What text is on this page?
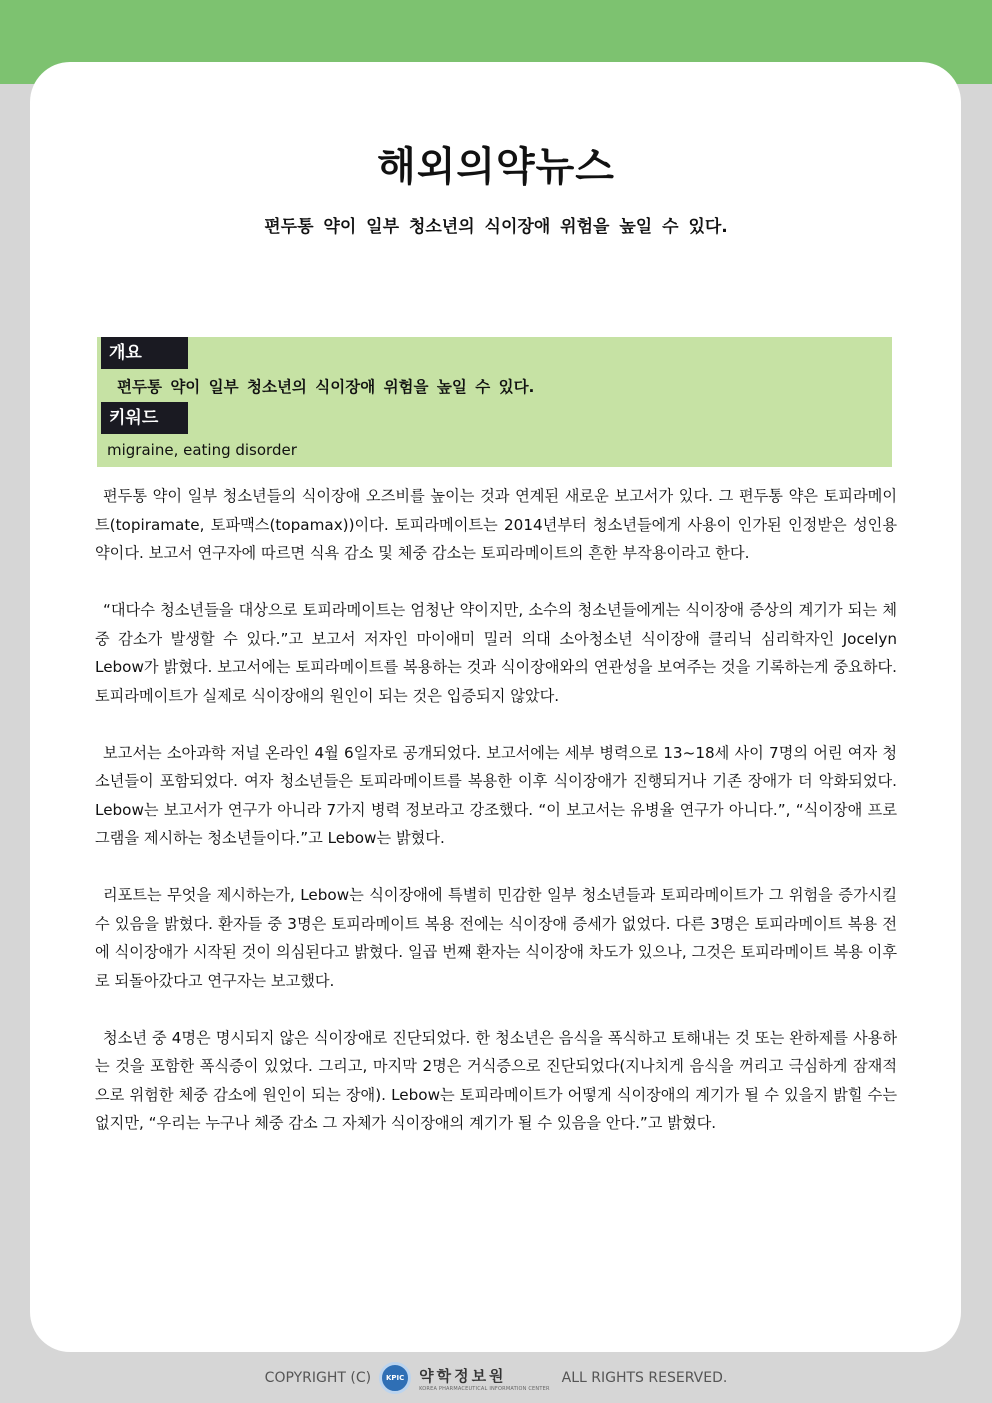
해외의약뉴스

편두통 약이 일부 청소년의 식이장애 위험을 높일 수 있다.

개요
편두통 약이 일부 청소년의 식이장애 위험을 높일 수 있다.
키워드
migraine, eating disorder

편두통 약이 일부 청소년들의 식이장애 오즈비를 높이는 것과 연계된 새로운 보고서가 있다. 그 편두통 약은 토피라메이트(topiramate, 토파맥스(topamax))이다. 토피라메이트는 2014년부터 청소년들에게 사용이 인가된 인정받은 성인용 약이다. 보고서 연구자에 따르면 식욕 감소 및 체중 감소는 토피라메이트의 흔한 부작용이라고 한다.

“대다수 청소년들을 대상으로 토피라메이트는 엄청난 약이지만, 소수의 청소년들에게는 식이장애 증상의 계기가 되는 체중 감소가 발생할 수 있다.”고 보고서 저자인 마이애미 밀러 의대 소아청소년 식이장애 클리닉 심리학자인 Jocelyn Lebow가 밝혔다. 보고서에는 토피라메이트를 복용하는 것과 식이장애와의 연관성을 보여주는 것을 기록하는게 중요하다. 토피라메이트가 실제로 식이장애의 원인이 되는 것은 입증되지 않았다.

보고서는 소아과학 저널 온라인 4월 6일자로 공개되었다. 보고서에는 세부 병력으로 13~18세 사이 7명의 어린 여자 청소년들이 포함되었다. 여자 청소년들은 토피라메이트를 복용한 이후 식이장애가 진행되거나 기존 장애가 더 악화되었다. Lebow는 보고서가 연구가 아니라 7가지 병력 정보라고 강조했다. “이 보고서는 유병율 연구가 아니다.”, “식이장애 프로그램을 제시하는 청소년들이다.”고 Lebow는 밝혔다.

리포트는 무엇을 제시하는가, Lebow는 식이장애에 특별히 민감한 일부 청소년들과 토피라메이트가 그 위험을 증가시킬 수 있음을 밝혔다. 환자들 중 3명은 토피라메이트 복용 전에는 식이장애 증세가 없었다. 다른 3명은 토피라메이트 복용 전에 식이장애가 시작된 것이 의심된다고 밝혔다. 일곱 번째 환자는 식이장애 차도가 있으나, 그것은 토피라메이트 복용 이후로 되돌아갔다고 연구자는 보고했다.

청소년 중 4명은 명시되지 않은 식이장애로 진단되었다. 한 청소년은 음식을 폭식하고 토해내는 것 또는 완하제를 사용하는 것을 포함한 폭식증이 있었다. 그리고, 마지막 2명은 거식증으로 진단되었다(지나치게 음식을 꺼리고 극심하게 잠재적으로 위험한 체중 감소에 원인이 되는 장애). Lebow는 토피라메이트가 어떻게 식이장애의 계기가 될 수 있을지 밝힐 수는 없지만, “우리는 누구나 체중 감소 그 자체가 식이장애의 계기가 될 수 있음을 안다.”고 밝혔다.

COPYRIGHT (C) KPIC 약학정보원
KOREA PHARMACEUTICAL INFORMATION CENTER
ALL RIGHTS RESERVED.
